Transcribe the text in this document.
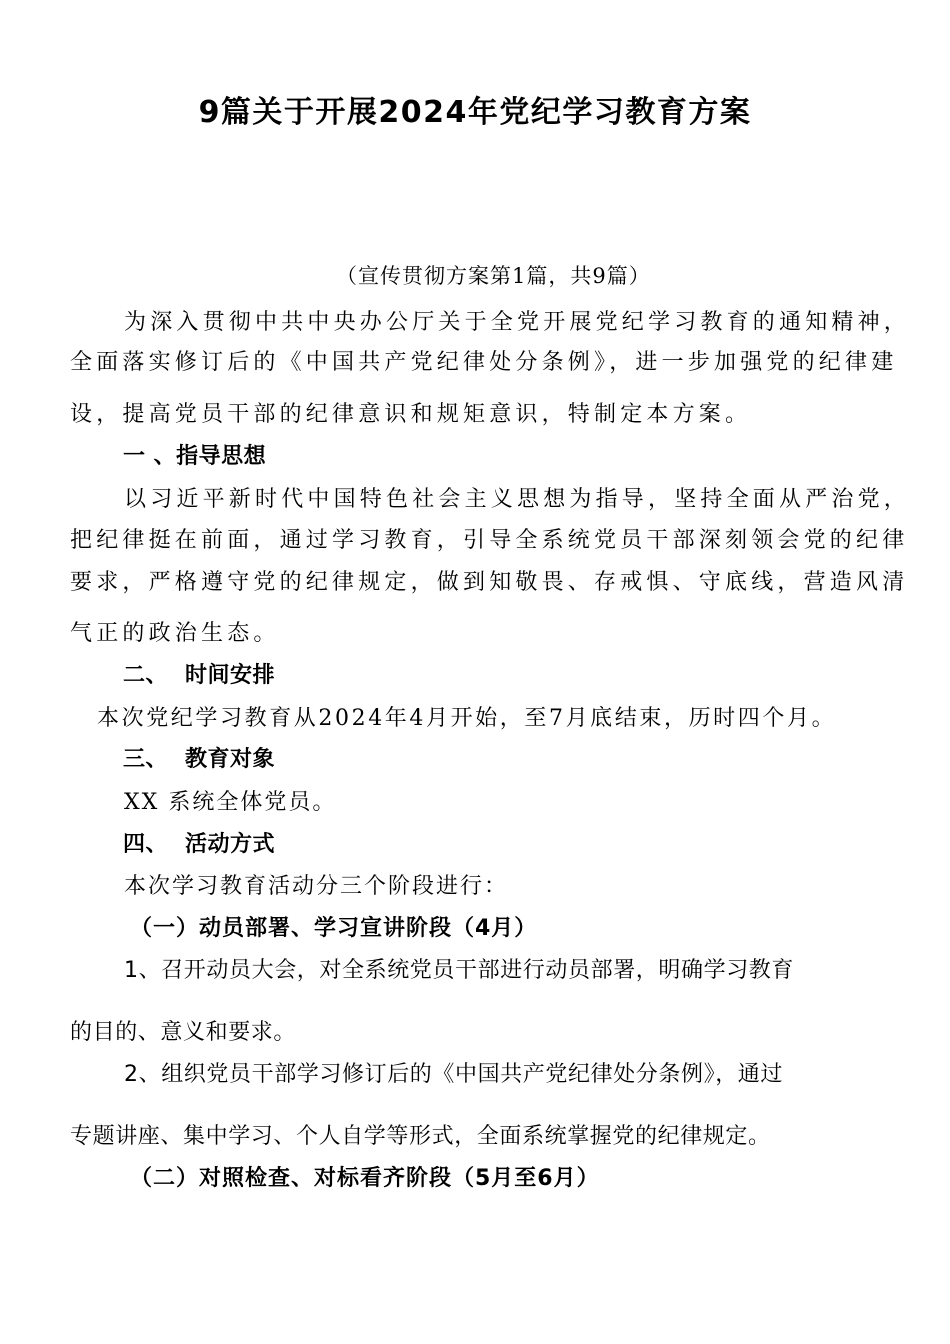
9篇关于开展2024年党纪学习教育方案
（宣传贯彻方案第1篇，共9篇）
为深入贯彻中共中央办公厅关于全党开展党纪学习教育的通知精神，
全面落实修订后的《中国共产党纪律处分条例》，进一步加强党的纪律建
设，提高党员干部的纪律意识和规矩意识，特制定本方案。
一 、指导思想
以习近平新时代中国特色社会主义思想为指导，坚持全面从严治党，
把纪律挺在前面，通过学习教育，引导全系统党员干部深刻领会党的纪律
要求，严格遵守党的纪律规定，做到知敬畏、存戒惧、守底线，营造风清
气正的政治生态。
二、 时间安排
本次党纪学习教育从2024年4月开始，至7月底结束，历时四个月。
三、 教育对象
XX 系统全体党员。
四、 活动方式
本次学习教育活动分三个阶段进行：
（一）动员部署、学习宣讲阶段（4月）
1、召开动员大会，对全系统党员干部进行动员部署，明确学习教育
的目的、意义和要求。
2、组织党员干部学习修订后的《中国共产党纪律处分条例》，通过
专题讲座、集中学习、个人自学等形式，全面系统掌握党的纪律规定。
（二）对照检查、对标看齐阶段（5月至6月）
